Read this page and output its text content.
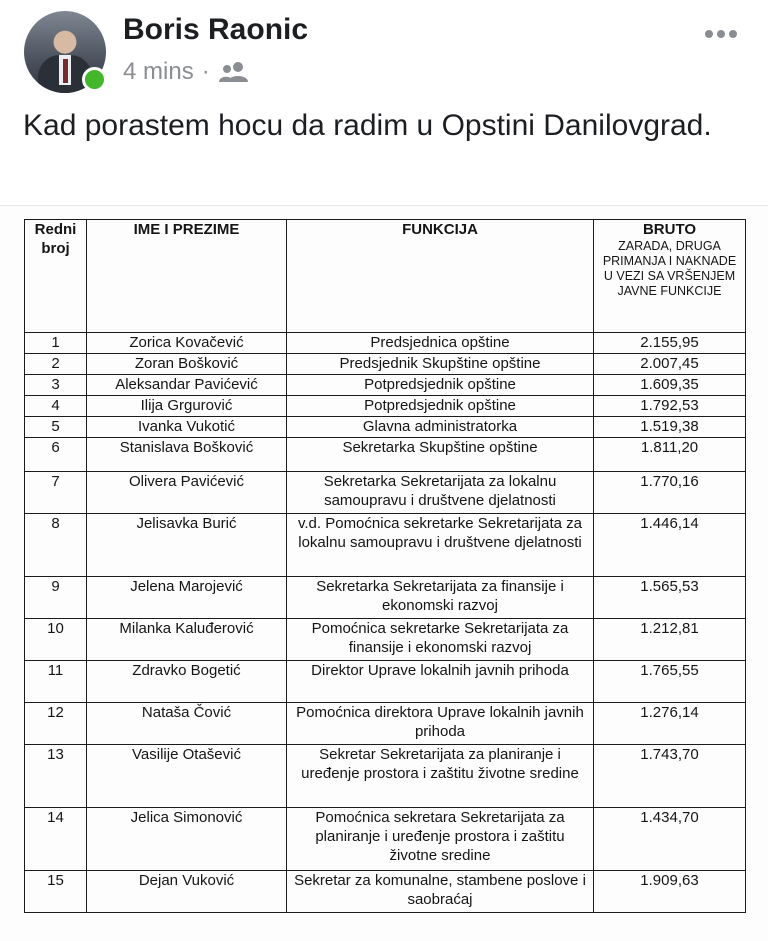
Boris Raonic
4 mins ·
Kad porastem hocu da radim u Opstini Danilovgrad.
Redni broj	IME I PREZIME	FUNKCIJA	BRUTO
ZARADA, DRUGA PRIMANJA I NAKNADE U VEZI SA VRŠENJEM JAVNE FUNKCIJE

1	Zorica Kovačević	Predsjednica opštine	2.155,95
2	Zoran Bošković	Predsjednik Skupštine opštine	2.007,45
3	Aleksandar Pavićević	Potpredsjednik opštine	1.609,35
4	Ilija Grgurović	Potpredsjednik opštine	1.792,53
5	Ivanka Vukotić	Glavna administratorka	1.519,38
6	Stanislava Bošković	Sekretarka Skupštine opštine	1.811,20
7	Olivera Pavićević	Sekretarka Sekretarijata za lokalnu samoupravu i društvene djelatnosti	1.770,16
8	Jelisavka Burić	v.d. Pomoćnica sekretarke Sekretarijata za lokalnu samoupravu i društvene djelatnosti	1.446,14
9	Jelena Marojević	Sekretarka Sekretarijata za finansije i ekonomski razvoj	1.565,53
10	Milanka Kaluđerović	Pomoćnica sekretarke Sekretarijata za finansije i ekonomski razvoj	1.212,81
11	Zdravko Bogetić	Direktor Uprave lokalnih javnih prihoda	1.765,55
12	Nataša Čović	Pomoćnica direktora Uprave lokalnih javnih prihoda	1.276,14
13	Vasilije Otašević	Sekretar Sekretarijata za planiranje i uređenje prostora i zaštitu životne sredine	1.743,70
14	Jelica Simonović	Pomoćnica sekretara Sekretarijata za planiranje i uređenje prostora i zaštitu životne sredine	1.434,70
15	Dejan Vuković	Sekretar za komunalne, stambene poslove i saobraćaj	1.909,63
